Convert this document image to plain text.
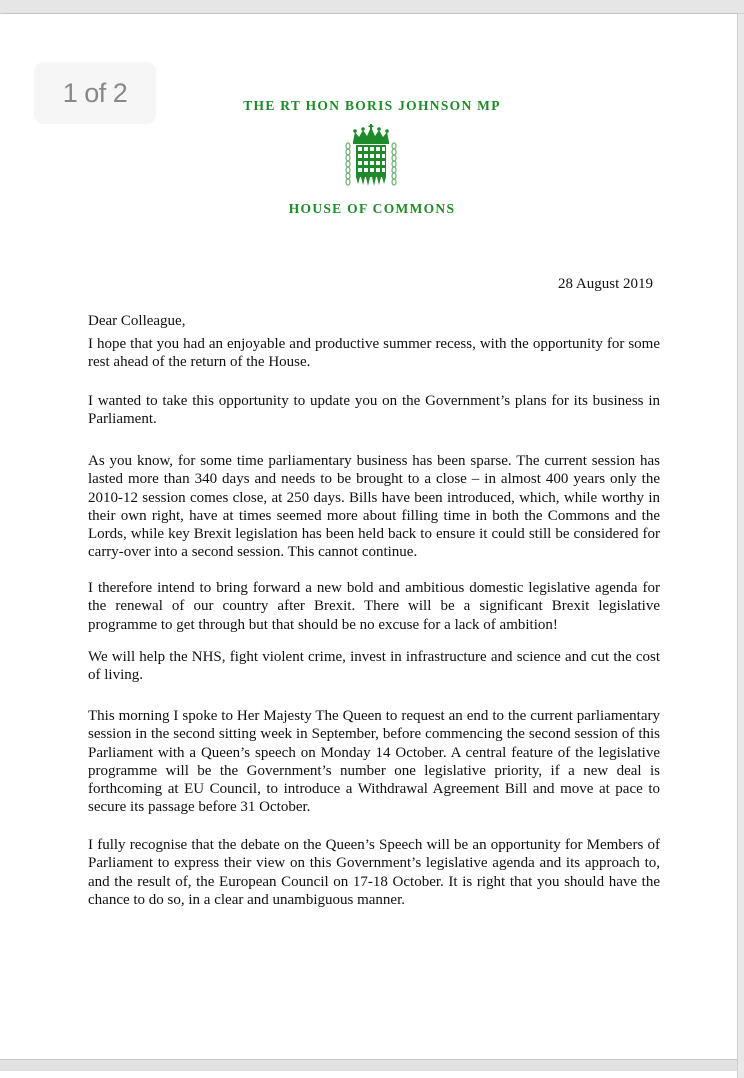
1 of 2	THE RT HON BORIS JOHNSON MP
HOUSE OF COMMONS
28 August 2019
Dear Colleague,

I hope that you had an enjoyable and productive summer recess, with the opportunity for some rest ahead of the return of the House.

I wanted to take this opportunity to update you on the Government’s plans for its business in Parliament.

As you know, for some time parliamentary business has been sparse. The current session has lasted more than 340 days and needs to be brought to a close – in almost 400 years only the 2010-12 session comes close, at 250 days. Bills have been introduced, which, while worthy in their own right, have at times seemed more about filling time in both the Commons and the Lords, while key Brexit legislation has been held back to ensure it could still be considered for carry-over into a second session. This cannot continue.

I therefore intend to bring forward a new bold and ambitious domestic legislative agenda for the renewal of our country after Brexit. There will be a significant Brexit legislative programme to get through but that should be no excuse for a lack of ambition!

We will help the NHS, fight violent crime, invest in infrastructure and science and cut the cost of living.

This morning I spoke to Her Majesty The Queen to request an end to the current parliamentary session in the second sitting week in September, before commencing the second session of this Parliament with a Queen’s speech on Monday 14 October. A central feature of the legislative programme will be the Government’s number one legislative priority, if a new deal is forthcoming at EU Council, to introduce a Withdrawal Agreement Bill and move at pace to secure its passage before 31 October.

I fully recognise that the debate on the Queen’s Speech will be an opportunity for Members of Parliament to express their view on this Government’s legislative agenda and its approach to, and the result of, the European Council on 17-18 October. It is right that you should have the chance to do so, in a clear and unambiguous manner.
